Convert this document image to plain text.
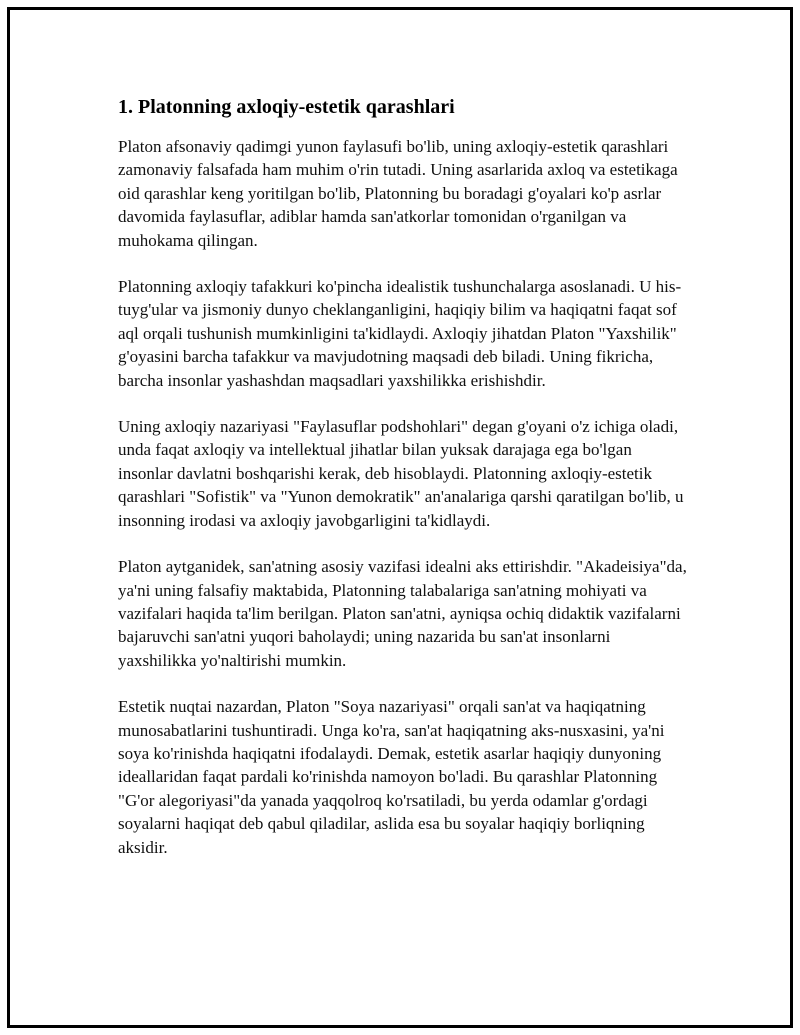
1. Platonning axloqiy-estetik qarashlari

Platon afsonaviy qadimgi yunon faylasufi bo'lib, uning axloqiy-estetik qarashlari zamonaviy falsafada ham muhim o'rin tutadi. Uning asarlarida axloq va estetikaga oid qarashlar keng yoritilgan bo'lib, Platonning bu boradagi g'oyalari ko'p asrlar davomida faylasuflar, adiblar hamda san'atkorlar tomonidan o'rganilgan va muhokama qilingan.

Platonning axloqiy tafakkuri ko'pincha idealistik tushunchalarga asoslanadi. U his-tuyg'ular va jismoniy dunyo cheklanganligini, haqiqiy bilim va haqiqatni faqat sof aql orqali tushunish mumkinligini ta'kidlaydi. Axloqiy jihatdan Platon "Yaxshilik" g'oyasini barcha tafakkur va mavjudotning maqsadi deb biladi. Uning fikricha, barcha insonlar yashashdan maqsadlari yaxshilikka erishishdir.

Uning axloqiy nazariyasi "Faylasuflar podshohlari" degan g'oyani o'z ichiga oladi, unda faqat axloqiy va intellektual jihatlar bilan yuksak darajaga ega bo'lgan insonlar davlatni boshqarishi kerak, deb hisoblaydi. Platonning axloqiy-estetik qarashlari "Sofistik" va "Yunon demokratik" an'analariga qarshi qaratilgan bo'lib, u insonning irodasi va axloqiy javobgarligini ta'kidlaydi.

Platon aytganidek, san'atning asosiy vazifasi idealni aks ettirishdir. "Akadeisiya"da, ya'ni uning falsafiy maktabida, Platonning talabalariga san'atning mohiyati va vazifalari haqida ta'lim berilgan. Platon san'atni, ayniqsa ochiq didaktik vazifalarni bajaruvchi san'atni yuqori baholaydi; uning nazarida bu san'at insonlarni yaxshilikka yo'naltirishi mumkin.

Estetik nuqtai nazardan, Platon "Soya nazariyasi" orqali san'at va haqiqatning munosabatlarini tushuntiradi. Unga ko'ra, san'at haqiqatning aks-nusxasini, ya'ni soya ko'rinishda haqiqatni ifodalaydi. Demak, estetik asarlar haqiqiy dunyoning ideallaridan faqat pardali ko'rinishda namoyon bo'ladi. Bu qarashlar Platonning "G'or alegoriyasi"da yanada yaqqolroq ko'rsatiladi, bu yerda odamlar g'ordagi soyalarni haqiqat deb qabul qiladilar, aslida esa bu soyalar haqiqiy borliqning aksidir.
